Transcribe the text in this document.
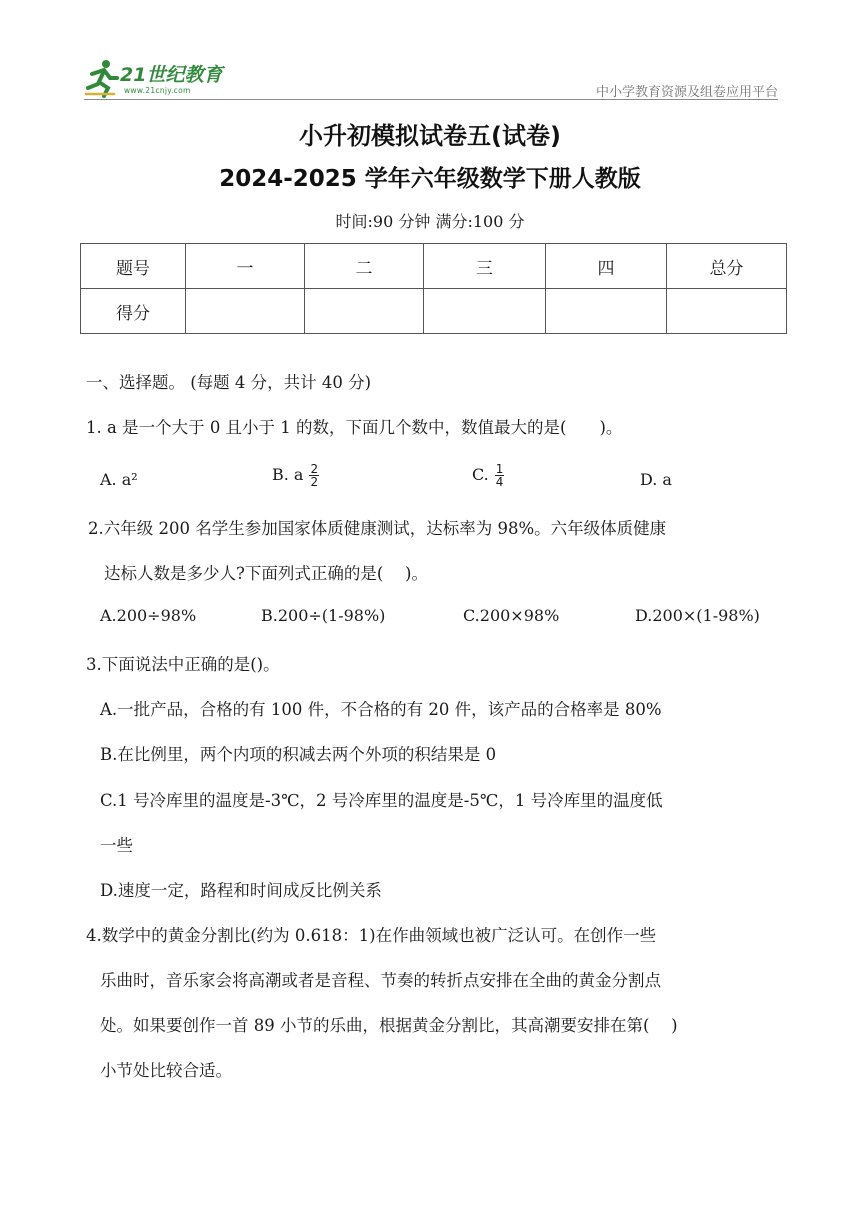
21世纪教育
www.21cnjy.com	中小学教育资源及组卷应用平台
小升初模拟试卷五(试卷)
2024-2025 学年六年级数学下册人教版
时间:90 分钟 满分:100 分
题号	一	二	三	四	总分
得分					
一、选择题。 (每题 4 分，共计 40 分)
1. a 是一个大于 0 且小于 1 的数，下面几个数中，数值最大的是(　　)。
A. a²	B. a $\frac{2}{2}$	C. $\frac{1}{4}$	D. a
2.六年级 200 名学生参加国家体质健康测试，达标率为 98%。六年级体质健康
达标人数是多少人?下面列式正确的是(　 )。
A.200÷98%	B.200÷(1-98%)	C.200×98%	D.200×(1-98%)
3.下面说法中正确的是()。
A.一批产品，合格的有 100 件，不合格的有 20 件，该产品的合格率是 80%
B.在比例里，两个内项的积减去两个外项的积结果是 0
C.1 号冷库里的温度是-3℃，2 号冷库里的温度是-5℃，1 号冷库里的温度低
一些
D.速度一定，路程和时间成反比例关系
4.数学中的黄金分割比(约为 0.618：1)在作曲领域也被广泛认可。在创作一些
乐曲时，音乐家会将高潮或者是音程、节奏的转折点安排在全曲的黄金分割点
处。如果要创作一首 89 小节的乐曲，根据黄金分割比，其高潮要安排在第(　 )
小节处比较合适。
